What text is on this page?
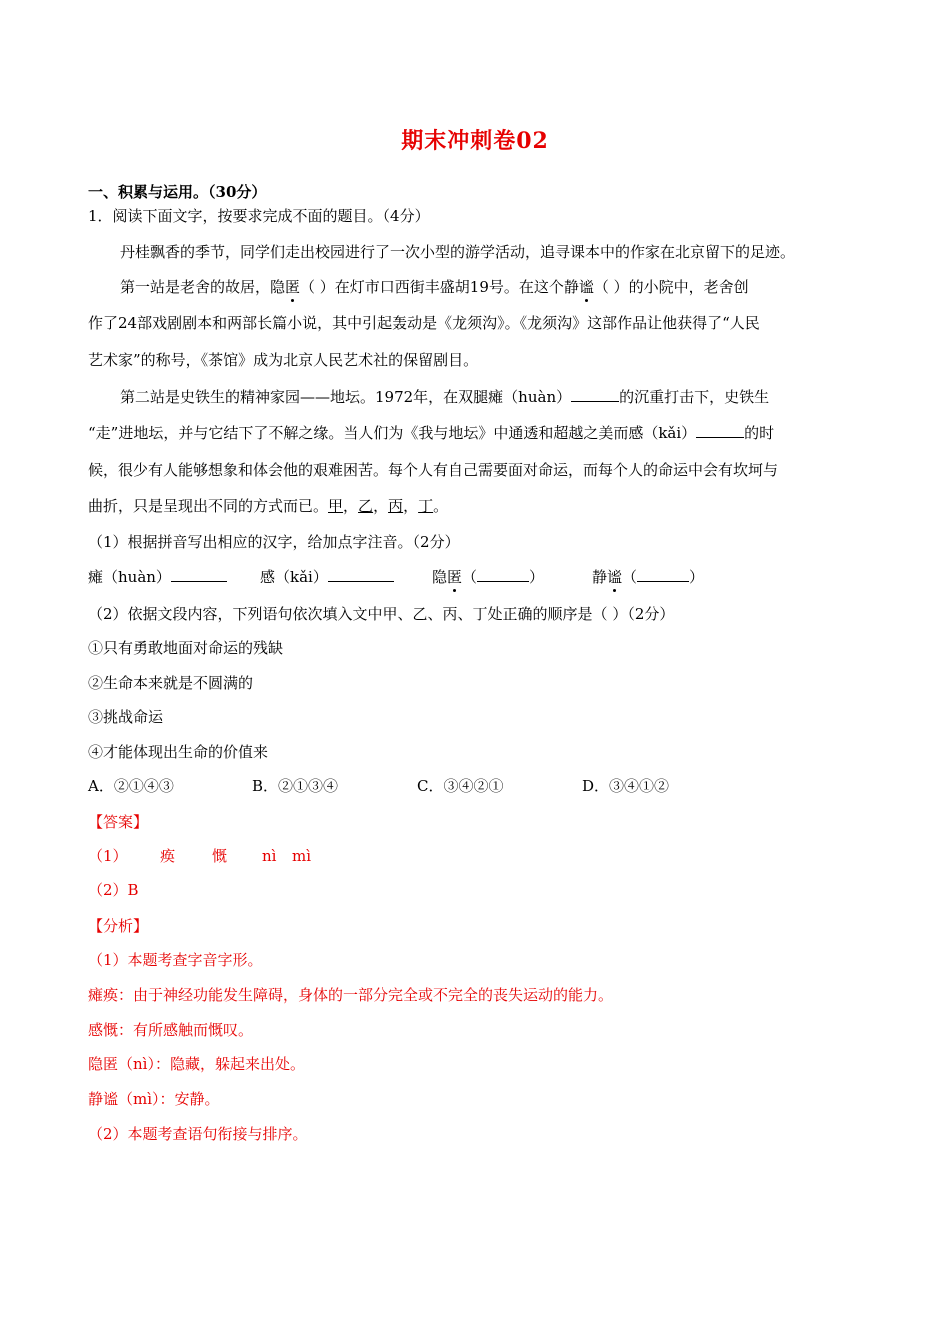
期末冲刺卷02
一、积累与运用。（30分）
1．阅读下面文字，按要求完成不面的题目。（4分）
丹桂飘香的季节，同学们走出校园进行了一次小型的游学活动，追寻课本中的作家在北京留下的足迹。
第一站是老舍的故居，隐匿（ ）在灯市口西街丰盛胡19号。在这个静谧（ ）的小院中，老舍创
作了24部戏剧剧本和两部长篇小说，其中引起轰动是《龙须沟》。《龙须沟》这部作品让他获得了“人民
艺术家”的称号，《茶馆》成为北京人民艺术社的保留剧目。
第二站是史铁生的精神家园——地坛。1972年，在双腿瘫（huàn）	的沉重打击下，史铁生
“走”进地坛，并与它结下了不解之缘。当人们为《我与地坛》中通透和超越之美而感（kǎi）	的时
候，很少有人能够想象和体会他的艰难困苦。每个人有自己需要面对命运，而每个人的命运中会有坎坷与
曲折，只是呈现出不同的方式而已。甲，乙，丙，丁。
（1）根据拼音写出相应的汉字，给加点字注音。（2分）
瘫（huàn）	感（kǎi）	隐匿（	）	静谧（	）
（2）依据文段内容，下列语句依次填入文中甲、乙、丙、丁处正确的顺序是（ ）（2分）
①只有勇敢地面对命运的残缺
②生命本来就是不圆满的
③挑战命运
④才能体现出生命的价值来
A．②①④③	B．②①③④	C．③④②①	D．③④①②
【答案】
（1） 痪 慨 nì mì
（2）B
【分析】
（1）本题考查字音字形。
瘫痪：由于神经功能发生障碍，身体的一部分完全或不完全的丧失运动的能力。
感慨：有所感触而慨叹。
隐匿（nì）：隐藏，躲起来出处。
静谧（mì）：安静。
（2）本题考查语句衔接与排序。
